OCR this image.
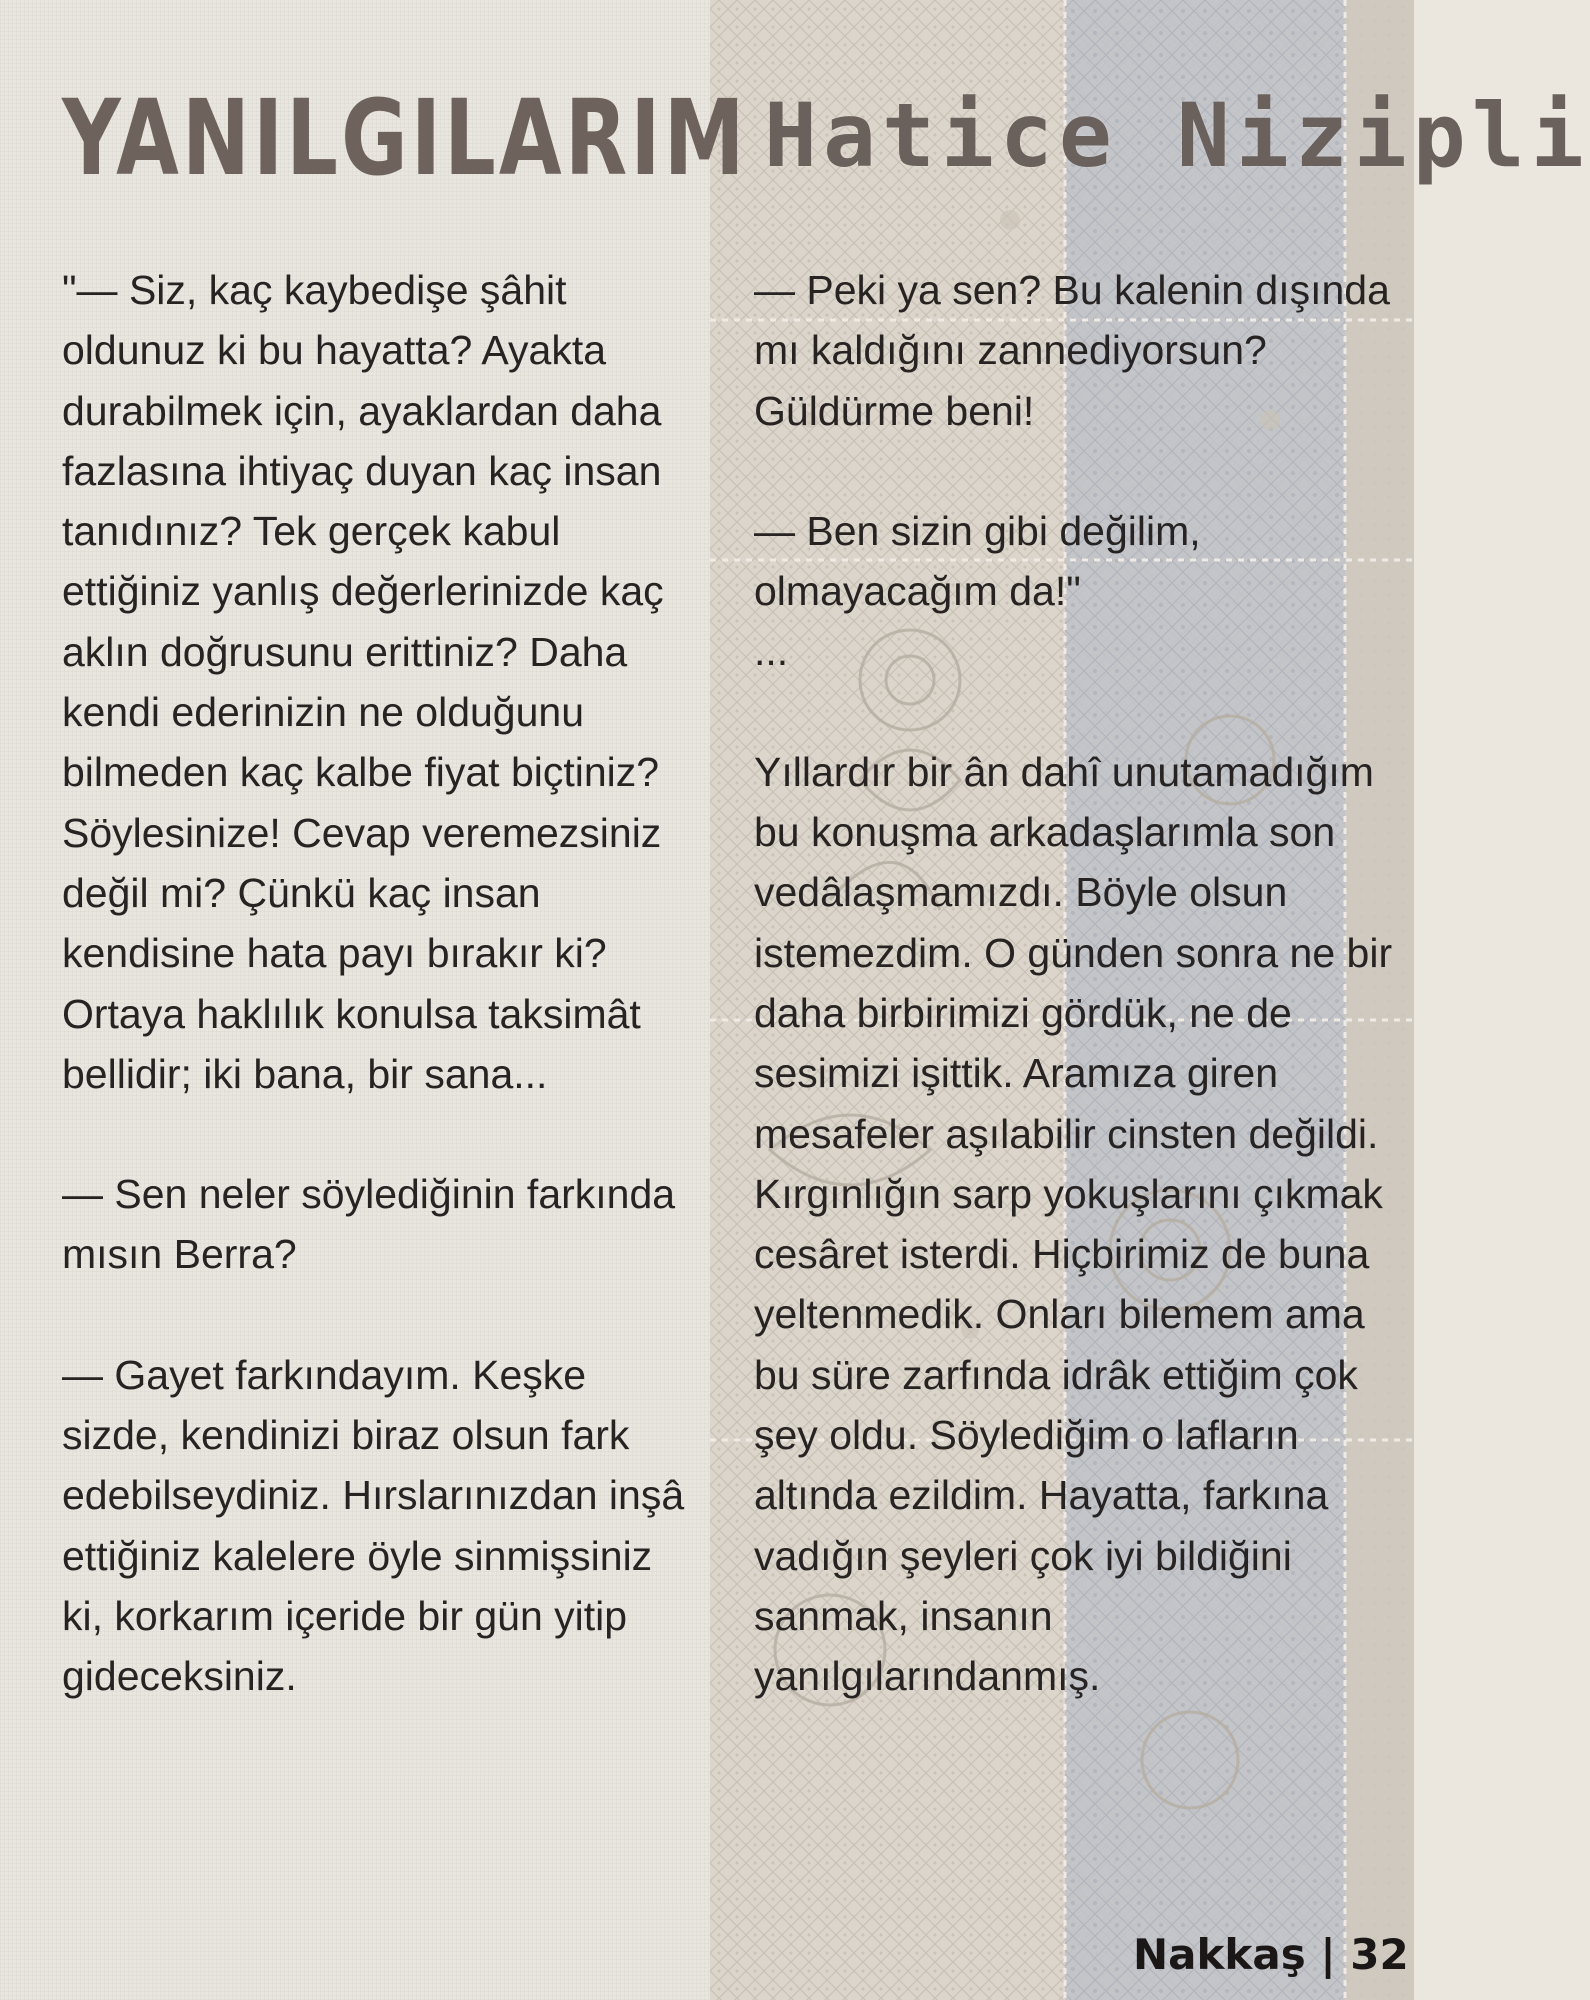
YANILGILARIM Hatice Nizipli

"— Siz, kaç kaybedişe şâhit oldunuz ki bu hayatta? Ayakta durabilmek için, ayaklardan daha fazlasına ihtiyaç duyan kaç insan tanıdınız? Tek gerçek kabul ettiğiniz yanlış değerlerinizde kaç aklın doğrusunu erittiniz? Daha kendi ederinizin ne olduğunu bilmeden kaç kalbe fiyat biçtiniz? Söylesinize! Cevap veremezsiniz değil mi? Çünkü kaç insan kendisine hata payı bırakır ki? Ortaya haklılık konulsa taksimât bellidir; iki bana, bir sana...

— Sen neler söylediğinin farkında mısın Berra?

— Gayet farkındayım. Keşke sizde, kendinizi biraz olsun fark edebilseydiniz. Hırslarınızdan inşâ ettiğiniz kalelere öyle sinmişsiniz ki, korkarım içeride bir gün yitip gideceksiniz.

— Peki ya sen? Bu kalenin dışında mı kaldığını zannediyorsun? Güldürme beni!

— Ben sizin gibi değilim, olmayacağım da!"

...

Yıllardır bir ân dahî unutamadığım bu konuşma arkadaşlarımla son vedâlaşmamızdı. Böyle olsun istemezdim. O günden sonra ne bir daha birbirimizi gördük, ne de sesimizi işittik. Aramıza giren mesafeler aşılabilir cinsten değildi. Kırgınlığın sarp yokuşlarını çıkmak cesâret isterdi. Hiçbirimiz de buna yeltenmedik. Onları bilemem ama bu süre zarfında idrâk ettiğim çok şey oldu. Söylediğim o lafların altında ezildim. Hayatta, farkına vadığın şeyleri çok iyi bildiğini sanmak, insanın yanılgılarındanmış.

Nakkaş | 32
